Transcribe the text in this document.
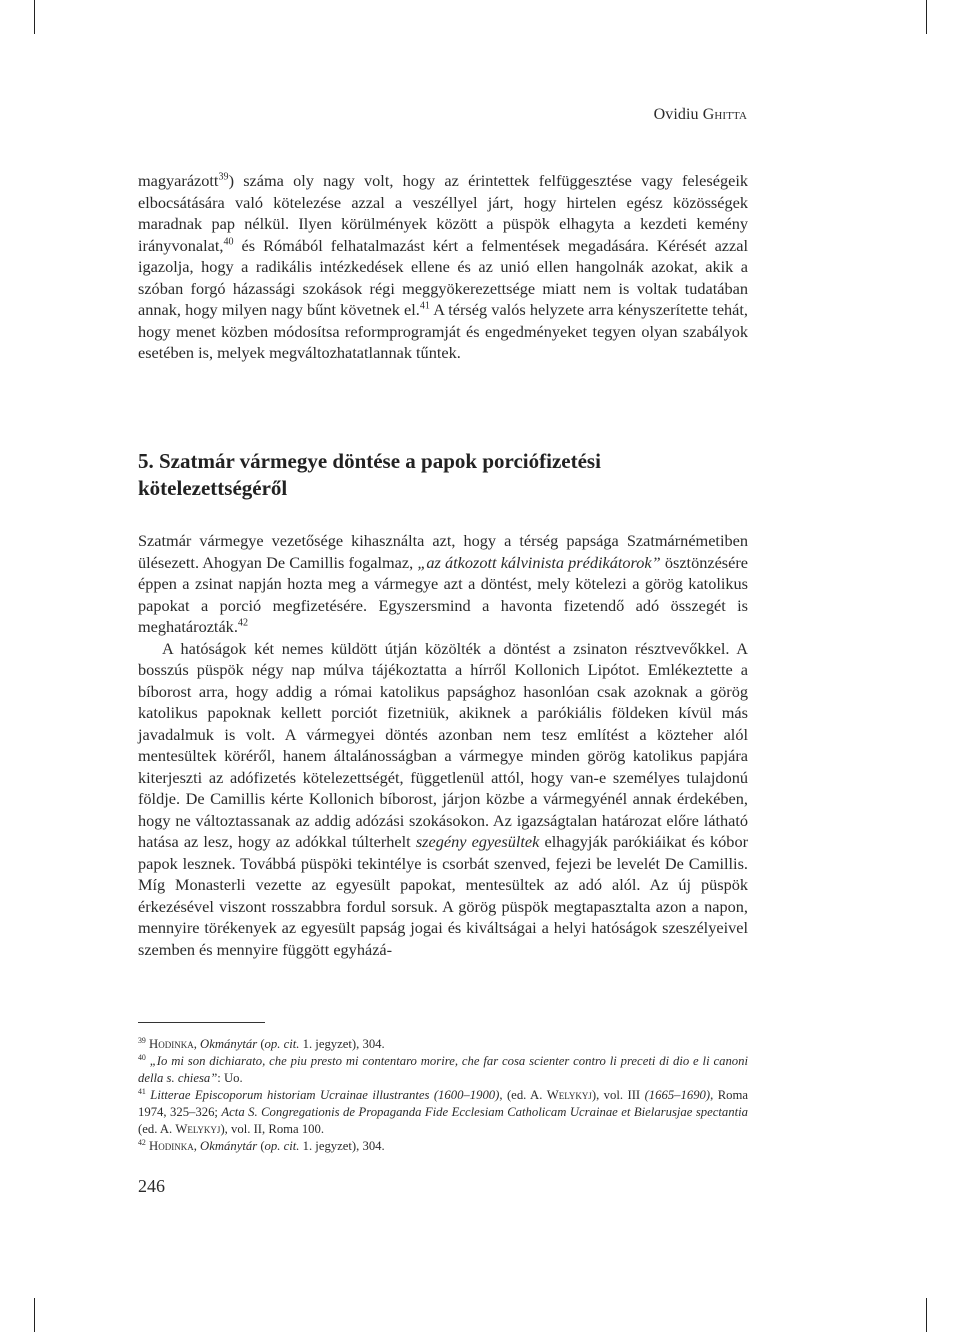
Ovidiu Ghitta

magyarázott$^{39}$) száma oly nagy volt, hogy az érintettek felfüggesztése vagy feleségeik elbocsátására való kötelezése azzal a veszéllyel járt, hogy hirtelen egész közösségek maradnak pap nélkül. Ilyen körülmények között a püspök elhagyta a kezdeti kemény irányvonalat,$^{40}$ és Rómából felhatalmazást kért a felmentések megadására. Kérését azzal igazolja, hogy a radikális intézkedések ellene és az unió ellen hangolnák azokat, akik a szóban forgó házassági szokások régi meggyökerezettsége miatt nem is voltak tudatában annak, hogy milyen nagy bűnt követnek el.$^{41}$ A térség valós helyzete arra kényszerítette tehát, hogy menet közben módosítsa reformprogramját és engedményeket tegyen olyan szabályok esetében is, melyek megváltozhatatlannak tűntek.

5. Szatmár vármegye döntése a papok porciófizetési kötelezettségéről

Szatmár vármegye vezetősége kihasználta azt, hogy a térség papsága Szatmárnémetiben ülésezett. Ahogyan De Camillis fogalmaz, „az átkozott kálvinista prédikátorok” ösztönzésére éppen a zsinat napján hozta meg a vármegye azt a döntést, mely kötelezi a görög katolikus papokat a porció megfizetésére. Egyszersmind a havonta fizetendő adó összegét is meghatározták.$^{42}$

A hatóságok két nemes küldött útján közölték a döntést a zsinaton résztvevőkkel. A bosszús püspök négy nap múlva tájékoztatta a hírről Kollonich Lipótot. Emlékeztette a bíborost arra, hogy addig a római katolikus papsághoz hasonlóan csak azoknak a görög katolikus papoknak kellett porciót fizetniük, akiknek a parókiális földeken kívül más javadalmuk is volt. A vármegyei döntés azonban nem tesz említést a közteher alól mentesültek köréről, hanem általánosságban a vármegye minden görög katolikus papjára kiterjeszti az adófizetés kötelezettségét, függetlenül attól, hogy van-e személyes tulajdonú földje. De Camillis kérte Kollonich bíborost, járjon közbe a vármegyénél annak érdekében, hogy ne változtassanak az addig adózási szokásokon. Az igazságtalan határozat előre látható hatása az lesz, hogy az adókkal túlterhelt szegény egyesültek elhagyják parókiáikat és kóbor papok lesznek. Továbbá püspöki tekintélye is csorbát szenved, fejezi be levelét De Camillis. Míg Monasterli vezette az egyesült papokat, mentesültek az adó alól. Az új püspök érkezésével viszont rosszabbra fordul sorsuk. A görög püspök megtapasztalta azon a napon, mennyire törékenyek az egyesült papság jogai és kiváltságai a helyi hatóságok szeszélyeivel szemben és mennyire függött egyházá-

$^{39}$ Hodinka, Okmánytár (op. cit. 1. jegyzet), 304.

$^{40}$ „Io mi son dichiarato, che piu presto mi contentaro morire, che far cosa scienter contro li preceti di dio e li canoni della s. chiesa”: Uo.

$^{41}$ Litterae Episcoporum historiam Ucrainae illustrantes (1600–1900), (ed. A. Welykyj), vol. III (1665–1690), Roma 1974, 325–326; Acta S. Congregationis de Propaganda Fide Ecclesiam Catholicam Ucrainae et Bielarusjae spectantia (ed. A. Welykyj), vol. II, Roma 100.

$^{42}$ Hodinka, Okmánytár (op. cit. 1. jegyzet), 304.

246
